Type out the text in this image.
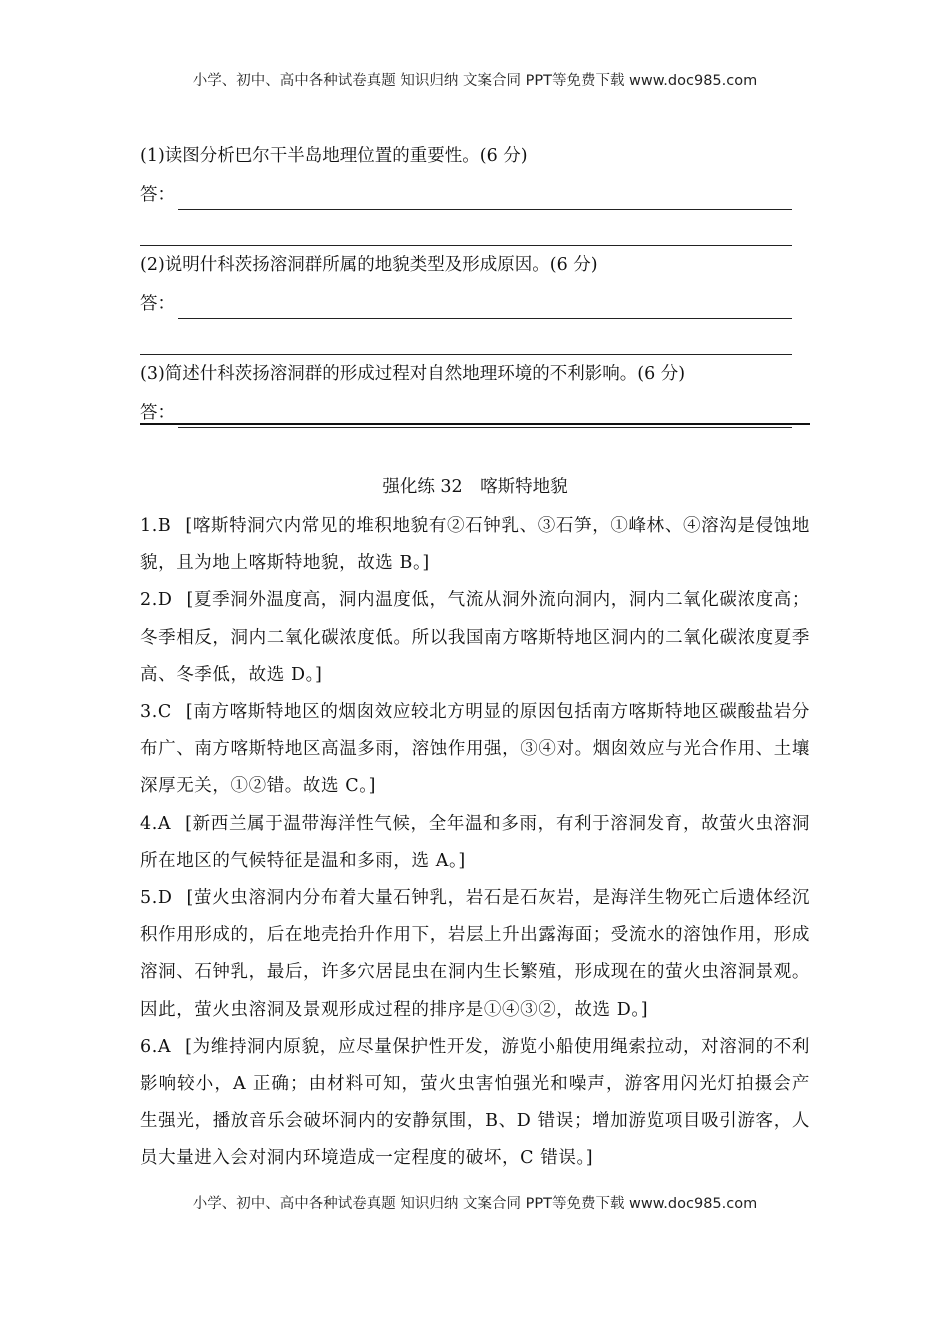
小学、初中、高中各种试卷真题 知识归纳 文案合同 PPT等免费下载 www.doc985.com
(1)读图分析巴尔干半岛地理位置的重要性。(6 分)
答：
(2)说明什科茨扬溶洞群所属的地貌类型及形成原因。(6 分)
答：
(3)简述什科茨扬溶洞群的形成过程对自然地理环境的不利影响。(6 分)
答：
强化练 32　喀斯特地貌
1.B [喀斯特洞穴内常见的堆积地貌有②石钟乳、③石笋，①峰林、④溶沟是侵蚀地貌，且为地上喀斯特地貌，故选 B。]
2.D [夏季洞外温度高，洞内温度低，气流从洞外流向洞内，洞内二氧化碳浓度高；冬季相反，洞内二氧化碳浓度低。所以我国南方喀斯特地区洞内的二氧化碳浓度夏季高、冬季低，故选 D。]
3.C [南方喀斯特地区的烟囱效应较北方明显的原因包括南方喀斯特地区碳酸盐岩分布广、南方喀斯特地区高温多雨，溶蚀作用强，③④对。烟囱效应与光合作用、土壤深厚无关，①②错。故选 C。]
4.A [新西兰属于温带海洋性气候，全年温和多雨，有利于溶洞发育，故萤火虫溶洞所在地区的气候特征是温和多雨，选 A。]
5.D [萤火虫溶洞内分布着大量石钟乳，岩石是石灰岩，是海洋生物死亡后遗体经沉积作用形成的，后在地壳抬升作用下，岩层上升出露海面；受流水的溶蚀作用，形成溶洞、石钟乳，最后，许多穴居昆虫在洞内生长繁殖，形成现在的萤火虫溶洞景观。因此，萤火虫溶洞及景观形成过程的排序是①④③②，故选 D。]
6.A [为维持洞内原貌，应尽量保护性开发，游览小船使用绳索拉动，对溶洞的不利影响较小，A 正确；由材料可知，萤火虫害怕强光和噪声，游客用闪光灯拍摄会产生强光，播放音乐会破坏洞内的安静氛围，B、D 错误；增加游览项目吸引游客，人员大量进入会对洞内环境造成一定程度的破坏，C 错误。]
小学、初中、高中各种试卷真题 知识归纳 文案合同 PPT等免费下载 www.doc985.com
